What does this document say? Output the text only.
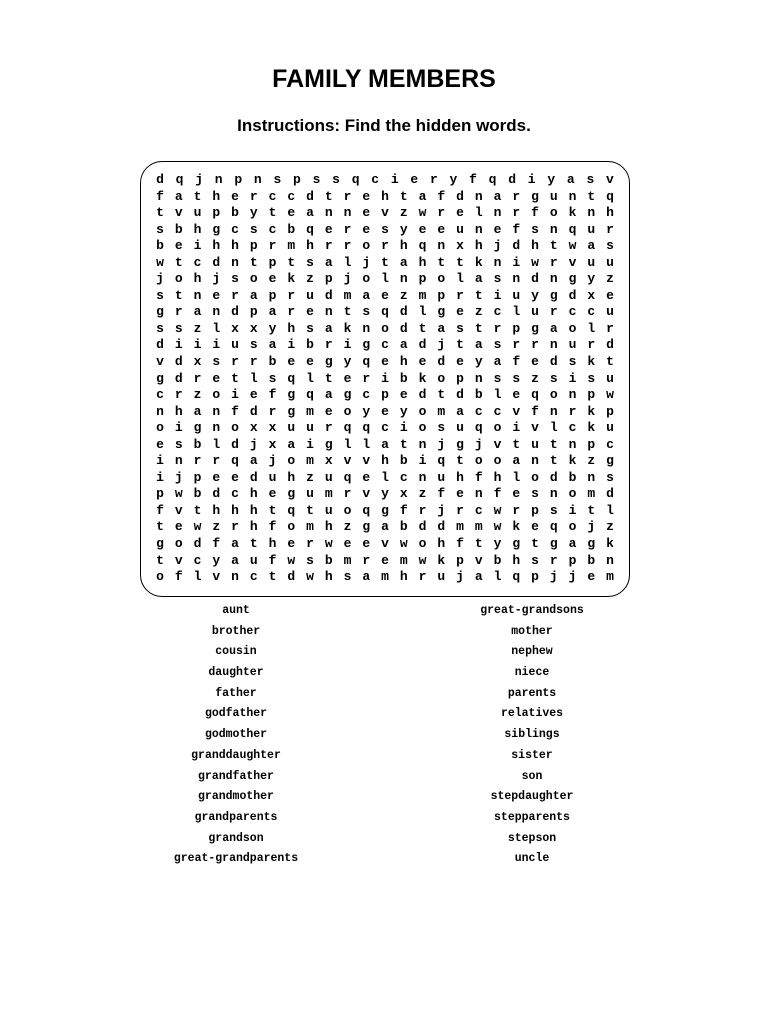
FAMILY MEMBERS
Instructions: Find the hidden words.
d q j n p n s p s s q c i e r y f q d i y a s v
f a t h e r c c d t r e h t a f d n a r g u n t q
t v u p b y t e a n n e v z w r e l n r f o k n h
s b h g c s c b q e r e s y e e u n e f s n q u r
b e i h h p r m h r r o r h q n x h j d h t w a s
w t c d n t p t s a l j t a h t t k n i w r v u u
j o h j s o e k z p j o l n p o l a s n d n g y z
s t n e r a p r u d m a e z m p r t i u y g d x e
g r a n d p a r e n t s q d l g e z c l u r c c u
s s z l x x y h s a k n o d t a s t r p g a o l r
d i i i u s a i b r i g c a d j t a s r r n u r d
v d x s r r b e e g y q e h e d e y a f e d s k t
g d r e t l s q l t e r i b k o p n s s z s i s u
c r z o i e f g q a g c p e d t d b l e q o n p w
n h a n f d r g m e o y e y o m a c c v f n r k p
o i g n o x x u u r q q c i o s u q o i v l c k u
e s b l d j x a i g l l a t n j g j v t u t n p c
i n r r q a j o m x v v h b i q t o o a n t k z g
i j p e e d u h z u q e l c n u h f h l o d b n s
p w b d c h e g u m r v y x z f e n f e s n o m d
f v t h h h t q t u o q g f r j r c w r p s i t l
t e w z r h f o m h z g a b d d m m w k e q o j z
g o d f a t h e r w e e v w o h f t y g t g a g k
t v c y a u f w s b m r e m w k p v b h s r p b n
o f l v n c t d w h s a m h r u j a l q p j j e m
aunt
brother
cousin
daughter
father
godfather
godmother
granddaughter
grandfather
grandmother
grandparents
grandson
great-grandparents
great-grandsons
mother
nephew
niece
parents
relatives
siblings
sister
son
stepdaughter
stepparents
stepson
uncle
